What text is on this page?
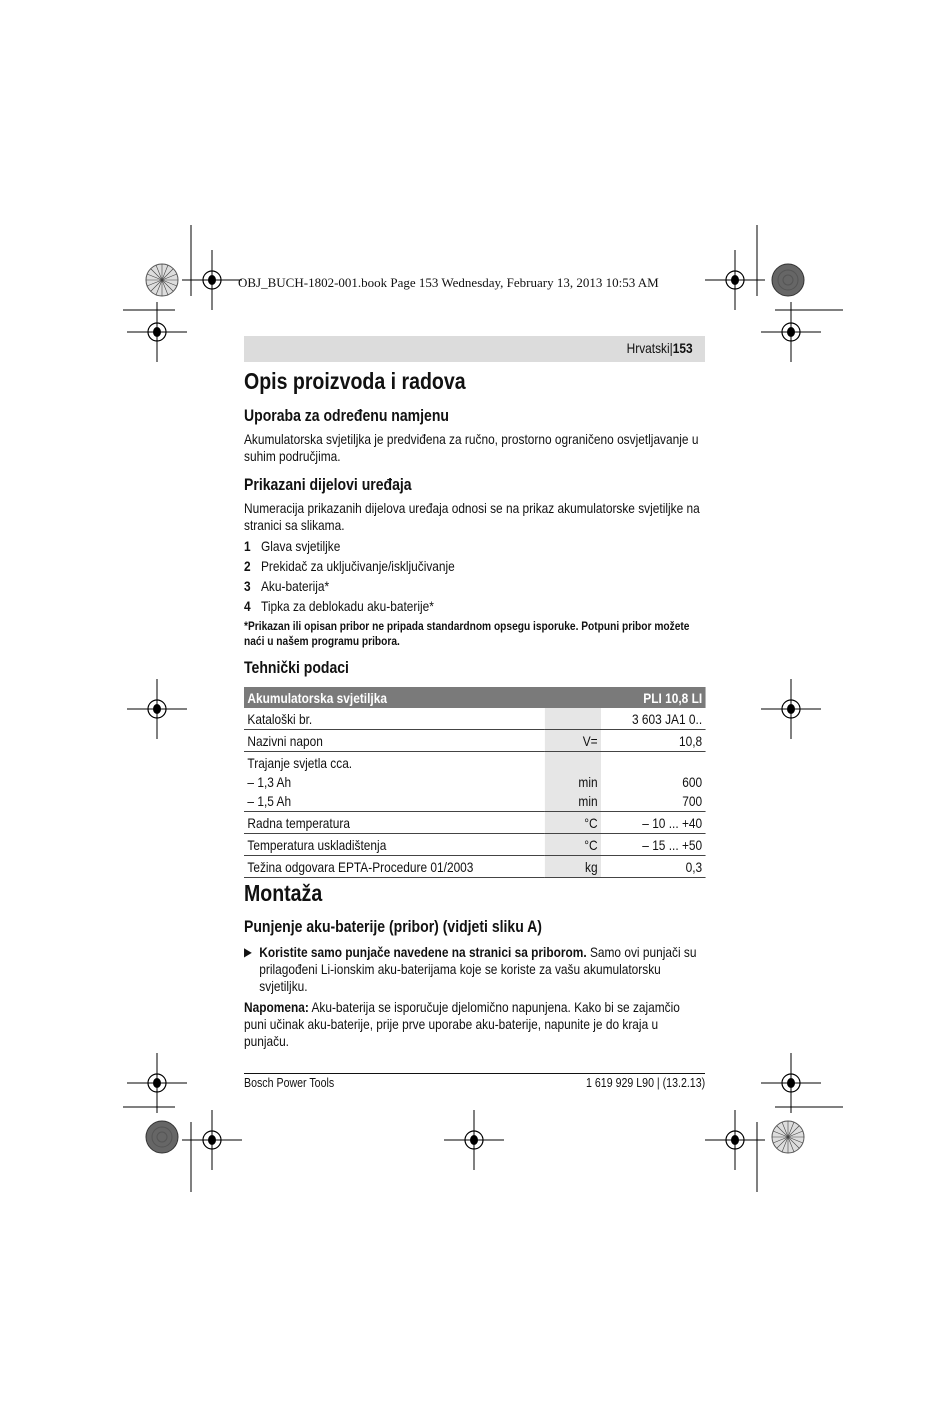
OBJ_BUCH-1802-001.book Page 153 Wednesday, February 13, 2013 10:53 AM
Hrvatski|153
Opis proizvoda i radova
Uporaba za određenu namjenu
Akumulatorska svjetiljka je predviđena za ručno, prostorno ograničeno osvjetljavanje u suhim područjima.
Prikazani dijelovi uređaja
Numeracija prikazanih dijelova uređaja odnosi se na prikaz akumulatorske svjetiljke na stranici sa slikama.
1 Glava svjetiljke
2 Prekidač za uključivanje/isključivanje
3 Aku-baterija*
4 Tipka za deblokadu aku-baterije*
*Prikazan ili opisan pribor ne pripada standardnom opsegu isporuke. Potpuni pribor možete naći u našem programu pribora.
Tehnički podaci
Akumulatorska svjetiljka		PLI 10,8 LI
Kataloški br.		3 603 JA1 0..
Nazivni napon	V=	10,8
Trajanje svjetla cca.		
– 1,3 Ah	min	600
– 1,5 Ah	min	700
Radna temperatura	°C	– 10 ... +40
Temperatura uskladištenja	°C	– 15 ... +50
Težina odgovara EPTA-Procedure 01/2003	kg	0,3
Montaža
Punjenje aku-baterije (pribor) (vidjeti sliku A)
▶ Koristite samo punjače navedene na stranici sa priborom. Samo ovi punjači su prilagođeni Li-ionskim aku-baterijama koje se koriste za vašu akumulatorsku svjetiljku.
Napomena: Aku-baterija se isporučuje djelomično napunjena. Kako bi se zajamčio puni učinak aku-baterije, prije prve uporabe aku-baterije, napunite je do kraja u punjaču.
Bosch Power Tools	1 619 929 L90 | (13.2.13)
